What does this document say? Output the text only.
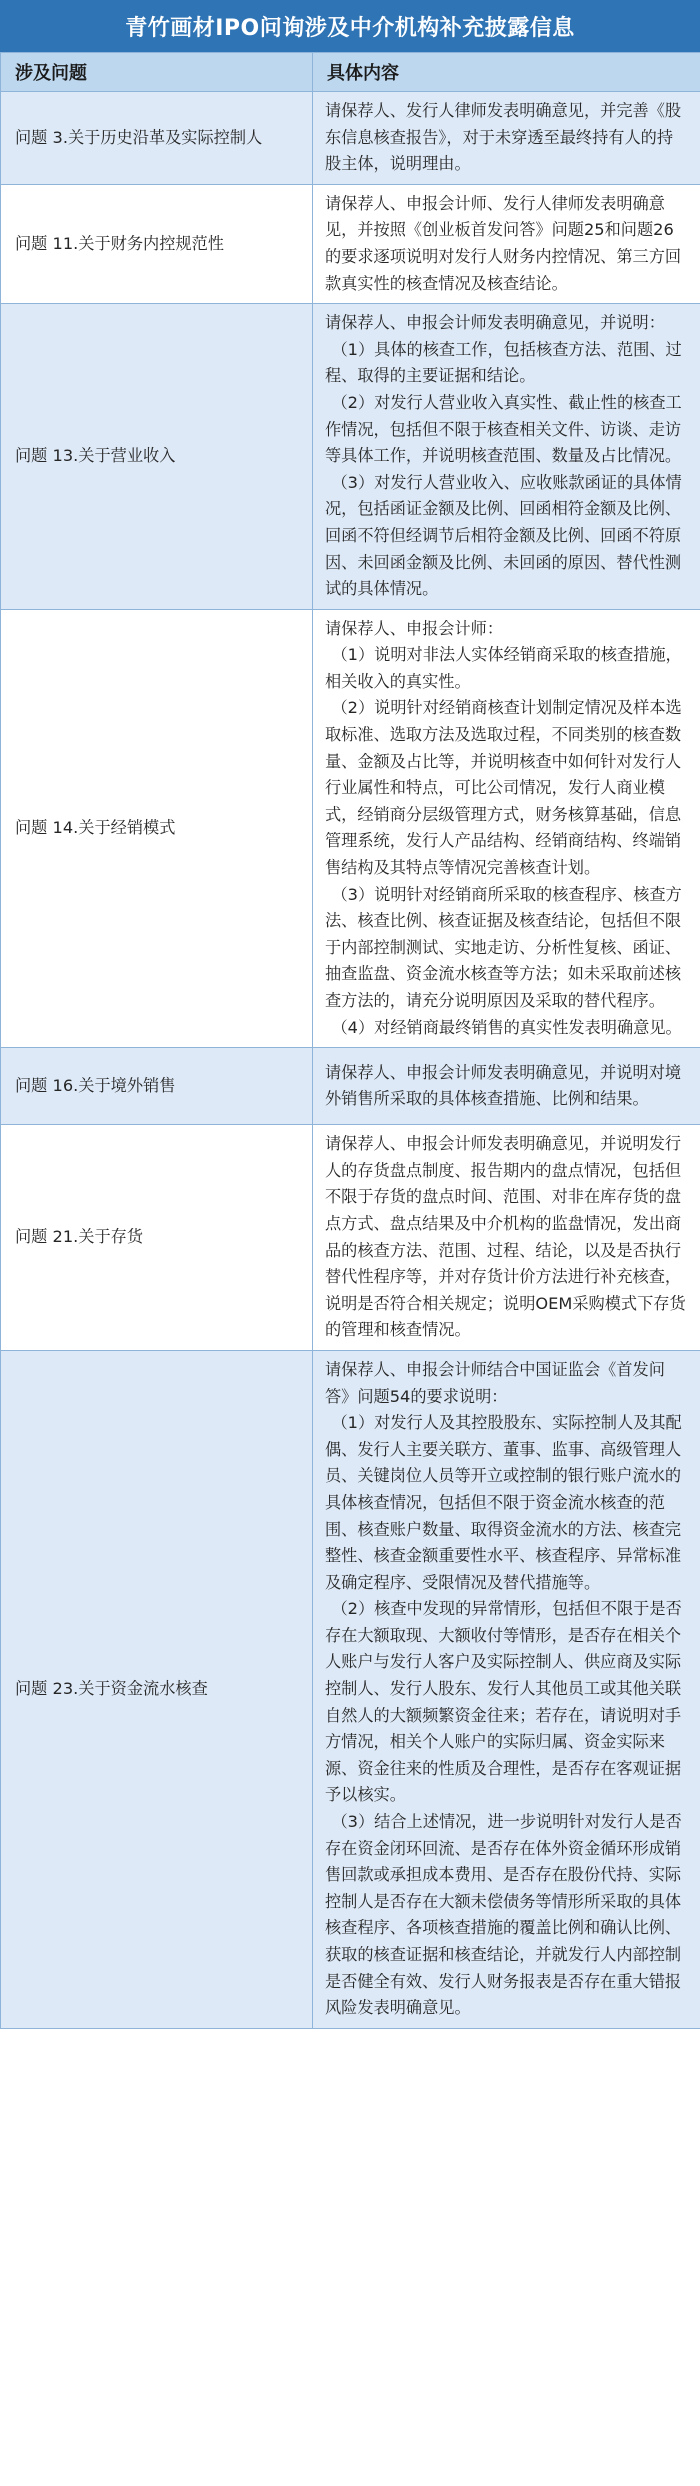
青竹画材IPO问询涉及中介机构补充披露信息
涉及问题	具体内容
问题 3.关于历史沿革及实际控制人	请保荐人、发行人律师发表明确意见，并完善《股东信息核查报告》，对于未穿透至最终持有人的持股主体，说明理由。

问题 11.关于财务内控规范性	请保荐人、申报会计师、发行人律师发表明确意见，并按照《创业板首发问答》问题25和问题26的要求逐项说明对发行人财务内控情况、第三方回款真实性的核查情况及核查结论。

问题 13.关于营业收入	请保荐人、申报会计师发表明确意见，并说明：

（1）具体的核查工作，包括核查方法、范围、过程、取得的主要证据和结论。

（2）对发行人营业收入真实性、截止性的核查工作情况，包括但不限于核查相关文件、访谈、走访等具体工作，并说明核查范围、数量及占比情况。

（3）对发行人营业收入、应收账款函证的具体情况，包括函证金额及比例、回函相符金额及比例、回函不符但经调节后相符金额及比例、回函不符原因、未回函金额及比例、未回函的原因、替代性测试的具体情况。

问题 14.关于经销模式	请保荐人、申报会计师：

（1）说明对非法人实体经销商采取的核查措施，相关收入的真实性。

（2）说明针对经销商核查计划制定情况及样本选取标准、选取方法及选取过程，不同类别的核查数量、金额及占比等，并说明核查中如何针对发行人行业属性和特点，可比公司情况，发行人商业模式，经销商分层级管理方式，财务核算基础，信息管理系统，发行人产品结构、经销商结构、终端销售结构及其特点等情况完善核查计划。

（3）说明针对经销商所采取的核查程序、核查方法、核查比例、核查证据及核查结论，包括但不限于内部控制测试、实地走访、分析性复核、函证、抽查监盘、资金流水核查等方法；如未采取前述核查方法的，请充分说明原因及采取的替代程序。

（4）对经销商最终销售的真实性发表明确意见。

问题 16.关于境外销售	请保荐人、申报会计师发表明确意见，并说明对境外销售所采取的具体核查措施、比例和结果。

问题 21.关于存货	请保荐人、申报会计师发表明确意见，并说明发行人的存货盘点制度、报告期内的盘点情况，包括但不限于存货的盘点时间、范围、对非在库存货的盘点方式、盘点结果及中介机构的监盘情况，发出商品的核查方法、范围、过程、结论，以及是否执行替代性程序等，并对存货计价方法进行补充核查，说明是否符合相关规定；说明OEM采购模式下存货的管理和核查情况。

问题 23.关于资金流水核查	请保荐人、申报会计师结合中国证监会《首发问答》问题54的要求说明：

（1）对发行人及其控股股东、实际控制人及其配偶、发行人主要关联方、董事、监事、高级管理人员、关键岗位人员等开立或控制的银行账户流水的具体核查情况，包括但不限于资金流水核查的范围、核查账户数量、取得资金流水的方法、核查完整性、核查金额重要性水平、核查程序、异常标准及确定程序、受限情况及替代措施等。

（2）核查中发现的异常情形，包括但不限于是否存在大额取现、大额收付等情形，是否存在相关个人账户与发行人客户及实际控制人、供应商及实际控制人、发行人股东、发行人其他员工或其他关联自然人的大额频繁资金往来；若存在，请说明对手方情况，相关个人账户的实际归属、资金实际来源、资金往来的性质及合理性，是否存在客观证据予以核实。

（3）结合上述情况，进一步说明针对发行人是否存在资金闭环回流、是否存在体外资金循环形成销售回款或承担成本费用、是否存在股份代持、实际控制人是否存在大额未偿债务等情形所采取的具体核查程序、各项核查措施的覆盖比例和确认比例、获取的核查证据和核查结论，并就发行人内部控制是否健全有效、发行人财务报表是否存在重大错报风险发表明确意见。
